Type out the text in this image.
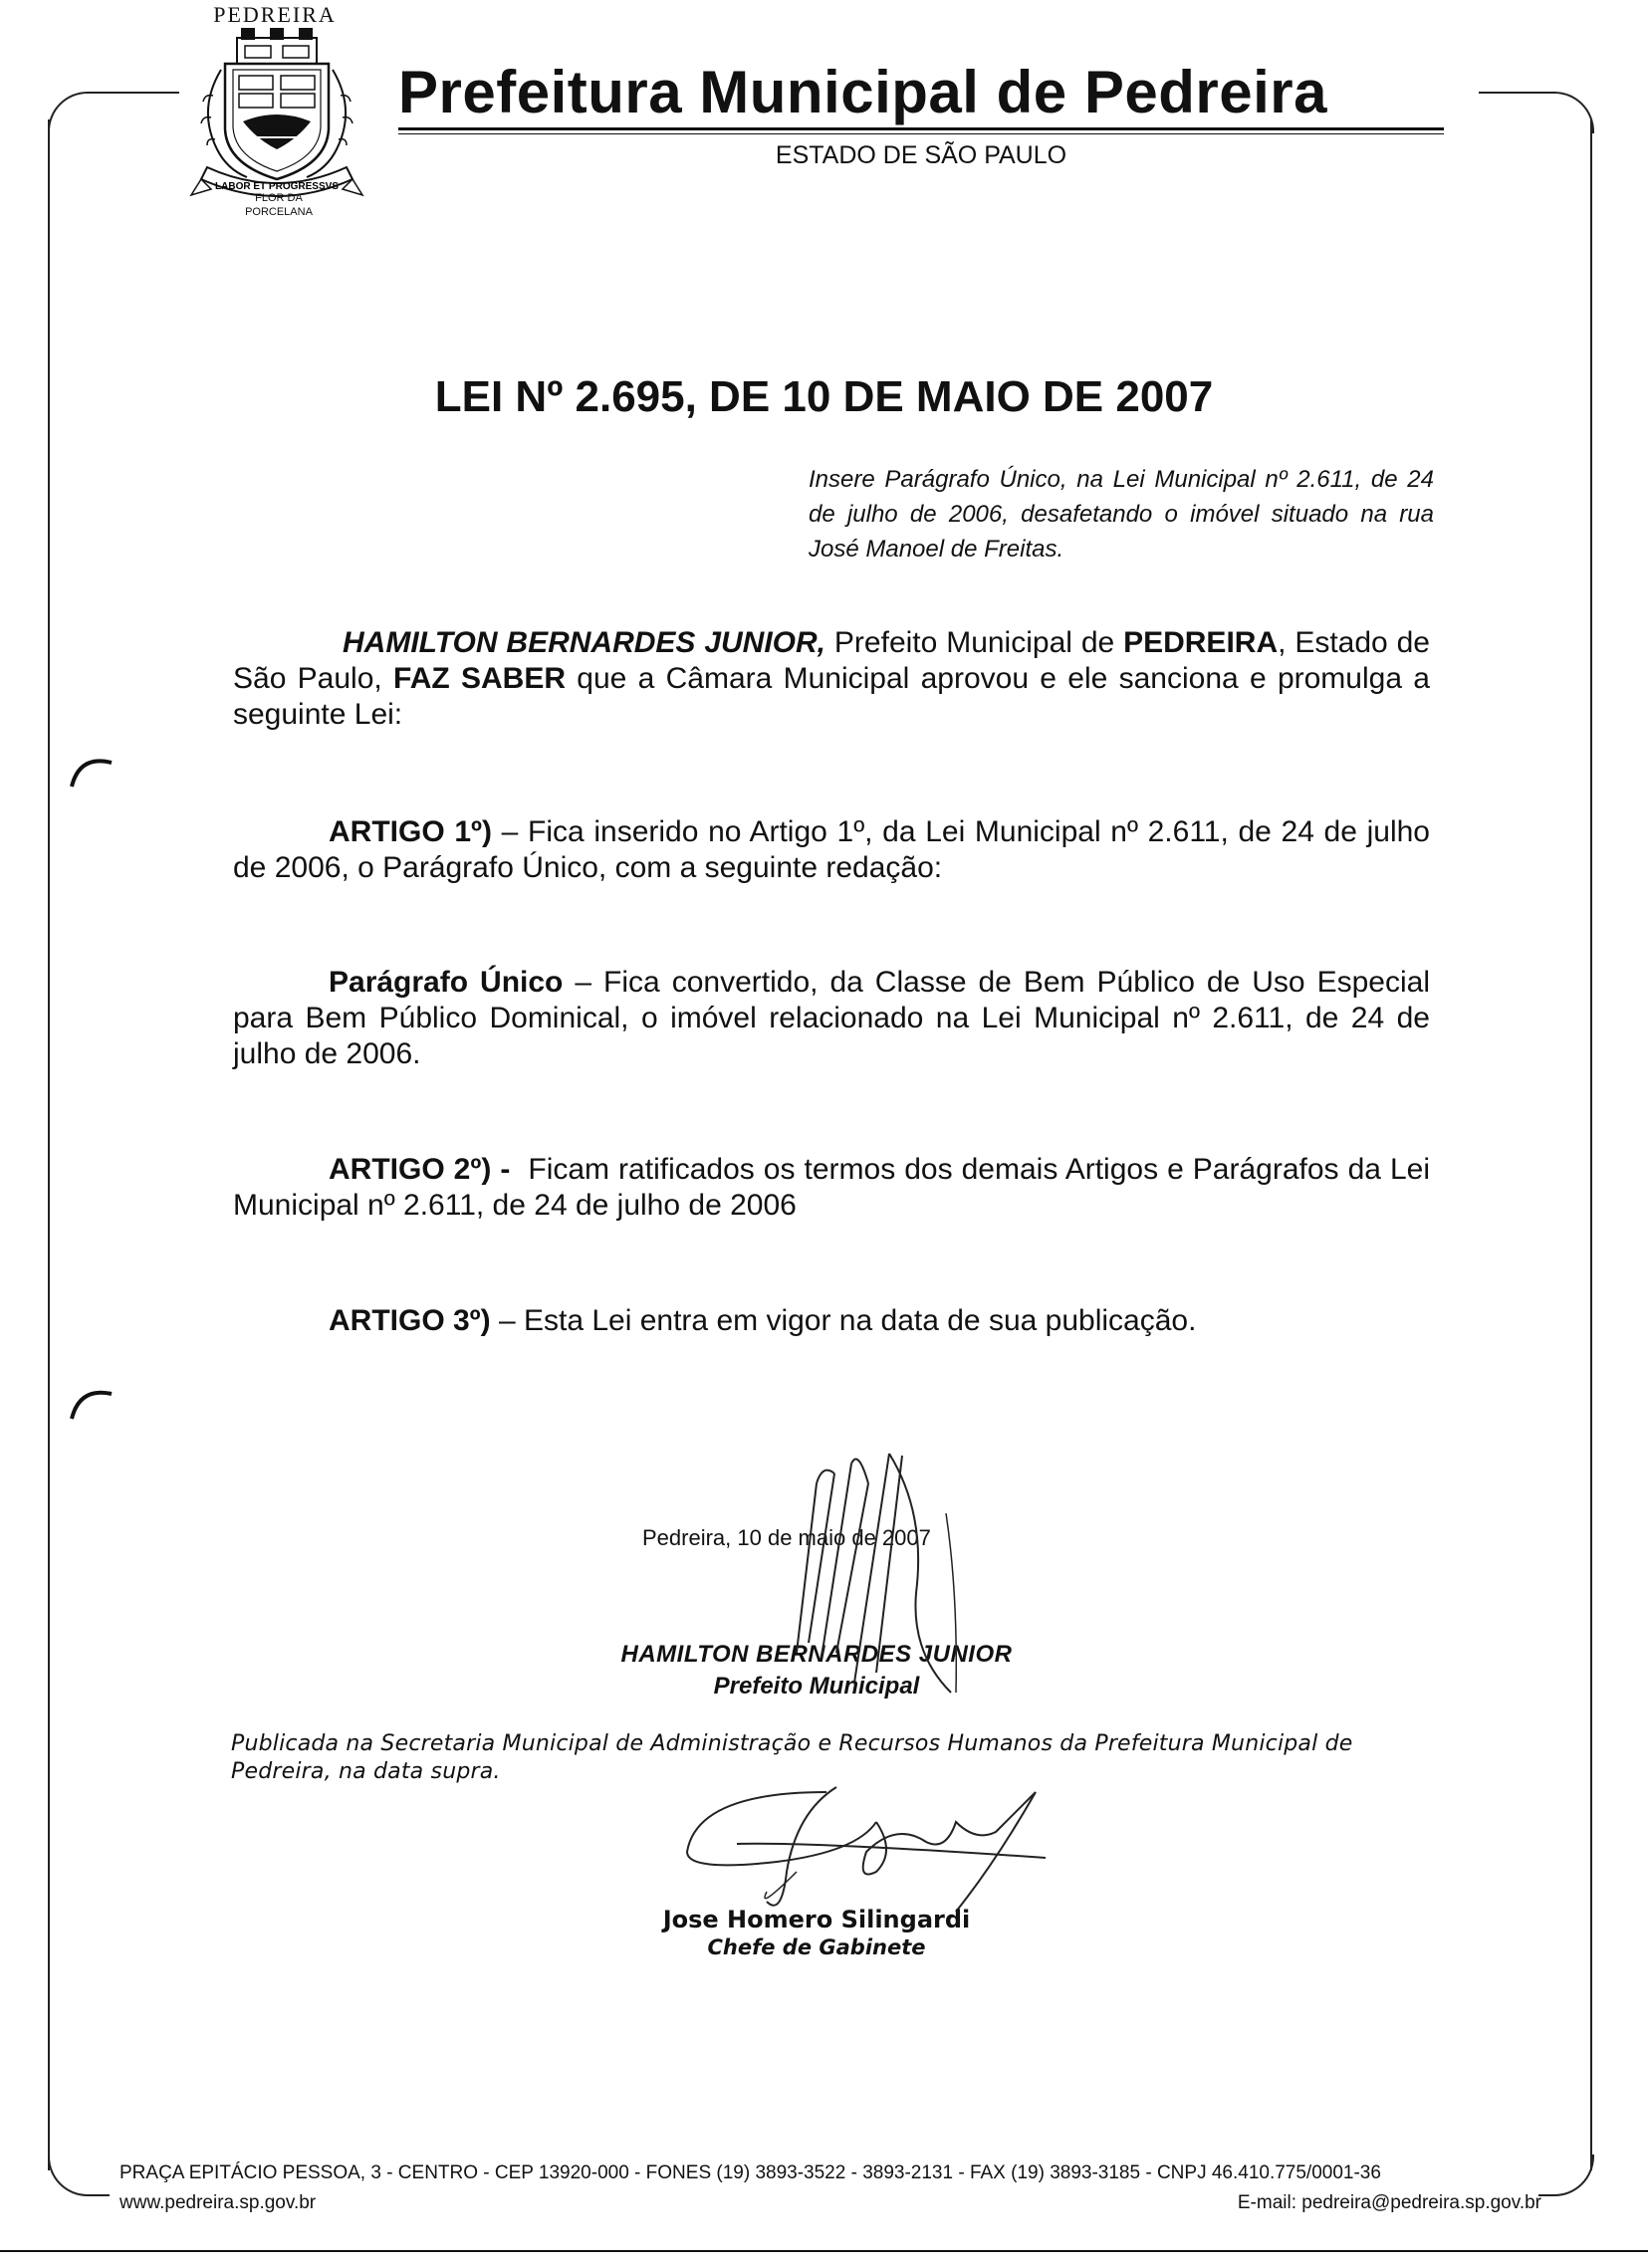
PEDREIRA
LABOR ET PROGRESSVS
FLOR DA
PORCELANA
Prefeitura Municipal de Pedreira
ESTADO DE SÃO PAULO
LEI Nº 2.695, DE 10 DE MAIO DE 2007
Insere Parágrafo Único, na Lei Municipal nº 2.611, de 24 de julho de 2006, desafetando o imóvel situado na rua José Manoel de Freitas.
HAMILTON BERNARDES JUNIOR, Prefeito Municipal de PEDREIRA, Estado de São Paulo, FAZ SABER que a Câmara Municipal aprovou e ele sanciona e promulga a seguinte Lei:
ARTIGO 1º) – Fica inserido no Artigo 1º, da Lei Municipal nº 2.611, de 24 de julho de 2006, o Parágrafo Único, com a seguinte redação:
Parágrafo Único – Fica convertido, da Classe de Bem Público de Uso Especial para Bem Público Dominical, o imóvel relacionado na Lei Municipal nº 2.611, de 24 de julho de 2006.
ARTIGO 2º) -  Ficam ratificados os termos dos demais Artigos e Parágrafos da Lei Municipal nº 2.611, de 24 de julho de 2006
ARTIGO 3º) – Esta Lei entra em vigor na data de sua publicação.
Pedreira, 10 de maio de 2007
HAMILTON BERNARDES JUNIOR
Prefeito Municipal
Publicada na Secretaria Municipal de Administração e Recursos Humanos da Prefeitura Municipal de Pedreira, na data supra.
Jose Homero Silingardi
Chefe de Gabinete
PRAÇA EPITÁCIO PESSOA, 3 - CENTRO - CEP 13920-000 - FONES (19) 3893-3522 - 3893-2131 - FAX (19) 3893-3185 - CNPJ 46.410.775/0001-36
www.pedreira.sp.gov.br	E-mail: pedreira@pedreira.sp.gov.br
